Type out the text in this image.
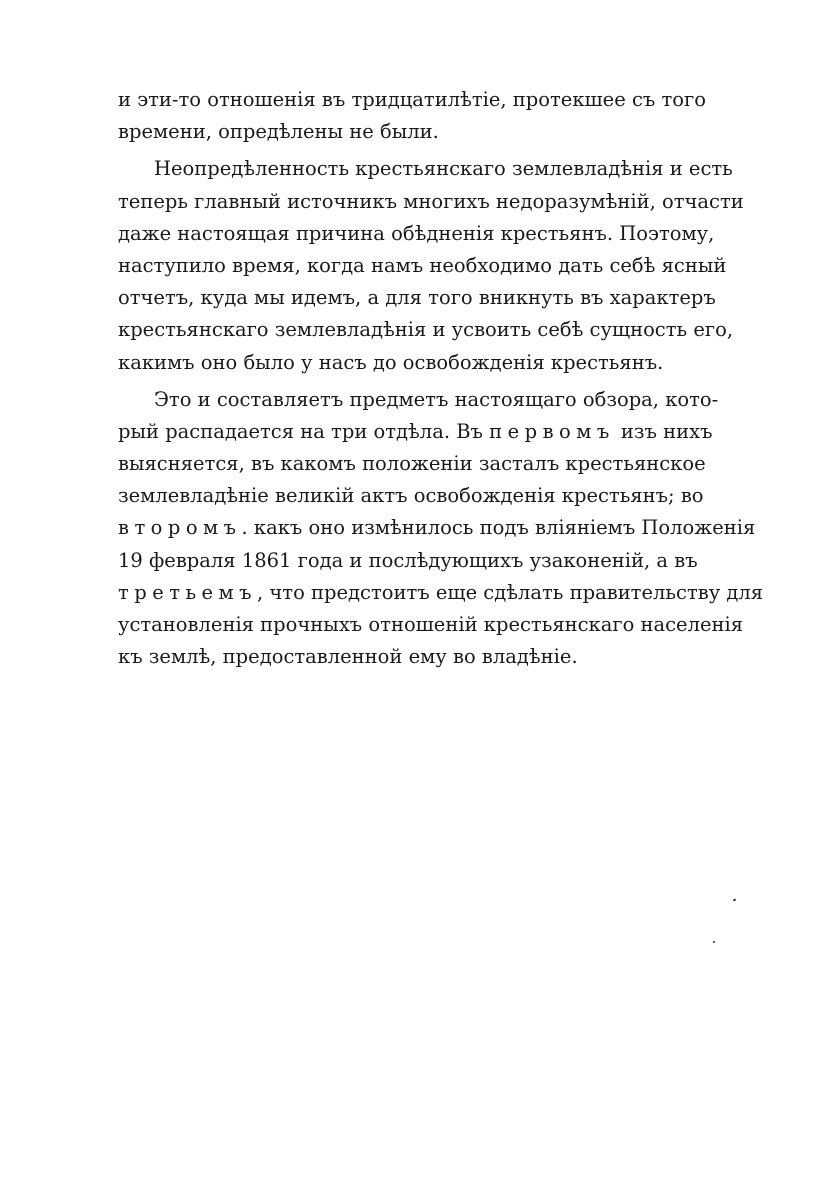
и эти-то отношенія въ тридцатилѣтіе, протекшее съ того
времени, опредѣлены не были.
Неопредѣленность крестьянскаго землевладѣнія и есть
теперь главный источникъ многихъ недоразумѣній, отчасти
даже настоящая причина обѣдненія крестьянъ. Поэтому,
наступило время, когда намъ необходимо дать себѣ ясный
отчетъ, куда мы идемъ, а для того вникнуть въ характеръ
крестьянскаго землевладѣнія и усвоить себѣ сущность его,
какимъ оно было у насъ до освобожденія крестьянъ.
Это и составляетъ предметъ настоящаго обзора, кото-
рый распадается на три отдѣла. Въ первомъ изъ нихъ
выясняется, въ какомъ положеніи засталъ крестьянское
землевладѣніе великій актъ освобожденія крестьянъ; во
второмъ. какъ оно измѣнилось подъ вліяніемъ Положенія
19 февраля 1861 года и послѣдующихъ узаконеній, а въ
третьемъ, что предстоитъ еще сдѣлать правительству для
установленія прочныхъ отношеній крестьянскаго населенія
къ землѣ, предоставленной ему во владѣніе.
